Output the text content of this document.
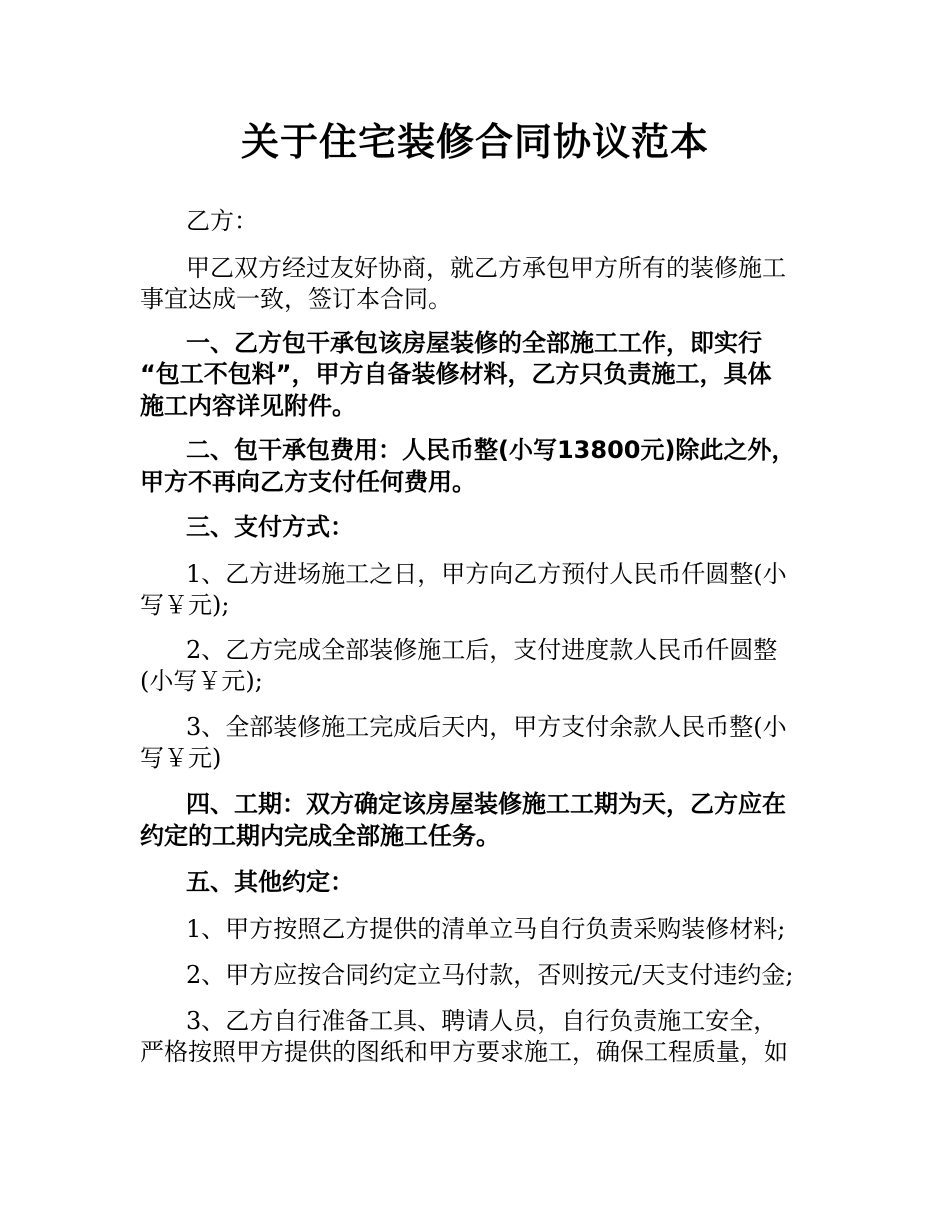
关于住宅装修合同协议范本
乙方：
甲乙双方经过友好协商，就乙方承包甲方所有的装修施工
事宜达成一致，签订本合同。
一、乙方包干承包该房屋装修的全部施工工作，即实行
“包工不包料”，甲方自备装修材料，乙方只负责施工，具体
施工内容详见附件。
二、包干承包费用：人民币整(小写13800元)除此之外，
甲方不再向乙方支付任何费用。
三、支付方式：
1、乙方进场施工之日，甲方向乙方预付人民币仟圆整(小
写￥元);
2、乙方完成全部装修施工后，支付进度款人民币仟圆整
(小写￥元);
3、全部装修施工完成后天内，甲方支付余款人民币整(小
写￥元)
四、工期：双方确定该房屋装修施工工期为天，乙方应在
约定的工期内完成全部施工任务。
五、其他约定：
1、甲方按照乙方提供的清单立马自行负责采购装修材料;
2、甲方应按合同约定立马付款，否则按元/天支付违约金;
3、乙方自行准备工具、聘请人员，自行负责施工安全，
严格按照甲方提供的图纸和甲方要求施工，确保工程质量，如
